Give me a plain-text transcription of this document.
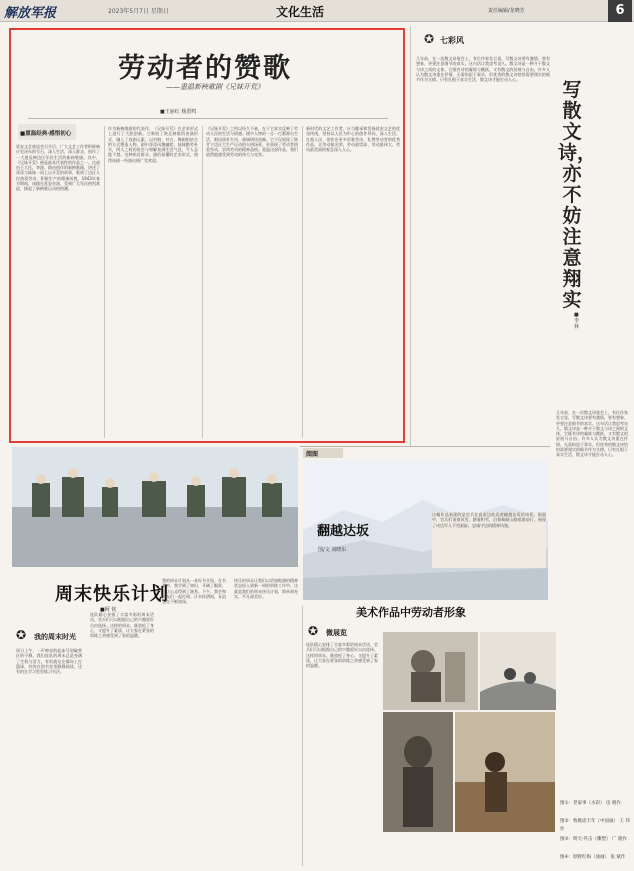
解放军报	2023年5月7日 星期日	文化生活	责任编辑/龙晓芳	6
劳动者的赞歌
——重温新秧歌剧《兄妹开荒》
■王丽红 杨恩鸣
■重温经典·感悟初心
延安文艺座谈会召开后，广大文艺工作者积极响应毛泽东的号召，深入生活，深入群众，创作了一大批反映边区军民生活的新秧歌剧。其中，《兄妹开荒》便是最具代表性的作品之一。这部由王大化、李波、路由创作的新秧歌剧，讲述了哥哥与妹妹一同上山开荒的故事，歌颂了边区人民热爱劳动、积极生产的精神风貌。1943年春节期间，该剧在延安首演，受到广大军民热烈欢迎，掀起了新秧歌运动的热潮。
作为新秧歌剧的代表作，《兄妹开荒》在艺术形式上进行了大胆创新。它吸收了陕北秧歌的表演形式，融入了戏剧元素，以对唱、对白、舞蹈相结合的方式塑造人物。剧中哥哥风趣幽默，妹妹勤劳朴实，两人之间的误会与和解充满生活气息，令人忍俊不禁。这种贴近群众、通俗易懂的艺术形式，使得该剧一经演出便广受欢迎。
《兄妹开荒》之所以经久不衰，在于它真实反映了劳动人民的生活与情感。剧中人物的一言一行都源自生活，唱词质朴生动，曲调明快流畅。它不仅展现了陕甘宁边区大生产运动的火热场景，更表现了劳动者热爱劳动、崇尚劳动的精神品格。重温这部作品，我们依然能感受到劳动的伟大与光荣。
新时代的文艺工作者，应当继承和发扬延安文艺的优良传统，坚持以人民为中心的创作导向，深入生活、扎根人民，创作出更多讴歌劳动、礼赞劳动者的优秀作品，让劳动最光荣、劳动最崇高、劳动最伟大、劳动最美丽的观念深入人心。
✪ 七彩风
几年前，在一次散文诗笔会上，有位作家发言说，写散文诗要有激情，要有想象，更要注意细节的真实。这句话让我思考良久。散文诗是一种介于散文与诗之间的文体，它既有诗的凝练与跳跃，又有散文的舒展与自由。许多人认为散文诗重在抒情，无需拘泥于事实，但优秀的散文诗恰恰需要翔实的细节作为支撑。只有扎根于真实生活，散文诗才能打动人心。	写散文诗，亦不妨注意翔实
■李 林
几年前，在一次散文诗笔会上，有位作家发言说，写散文诗要有激情，要有想象，更要注意细节的真实。这句话让我思考良久。散文诗是一种介于散文与诗之间的文体，它既有诗的凝练与跳跃，又有散文的舒展与自由。许多人认为散文诗重在抒情，无需拘泥于事实，但优秀的散文诗恰恰需要翔实的细节作为支撑。只有扎根于真实生活，散文诗才能打动人心。
阅图
翻越达坂
图/文 刘晓东
这幅作品表现的是官兵在高原边防巡逻翻越达坂的场景。画面中，官兵们顶着风雪、踏着积雪，沿着崎岖山路艰难前行，展现了戍边军人不畏艰险、忠诚守边的精神风貌。
周末快乐计划
■阿 钦
✪ 我的周末时光
周日上午，一声嘹亮的起床号划破营区的宁静。我们连队的周末总是充满了生机与活力。有的战友在操场上打篮球，有的在图书室里静静阅读，还有的在学习室里练习书法。
连队精心安排了丰富多彩的周末活动，官兵们可以根据自己的兴趣爱好自由选择。这样的周末，既放松了身心，又提升了素质，让大家在紧张的训练之余感受到了家的温暖。
我的周末计划从一本好书开始。在书香中，我学到了知识，开阔了眼界，也让心灵得到了滋养。下午，我会和战友们一起打球，汗水挥洒间，友谊也在不断加深。
快乐的周末让我们以更加饱满的精神状态投入到新一周的训练工作中。这就是我们的周末快乐计划，简单却充实，平凡却美好。
美术作品中劳动者形象
✪ 微展览
连队精心安排了丰富多彩的周末活动，官兵们可以根据自己的兴趣爱好自由选择。这样的周末，既放松了身心，又提升了素质，让大家在紧张的训练之余感受到了家的温暖。
图①：老家事（水彩） 房 晓作
图②：牧歌谣丰年（中国画） 王 伟作
图③：明天·歼击（雕塑） 广 晓作
图④：原野红梅（油画） 张 斌作
